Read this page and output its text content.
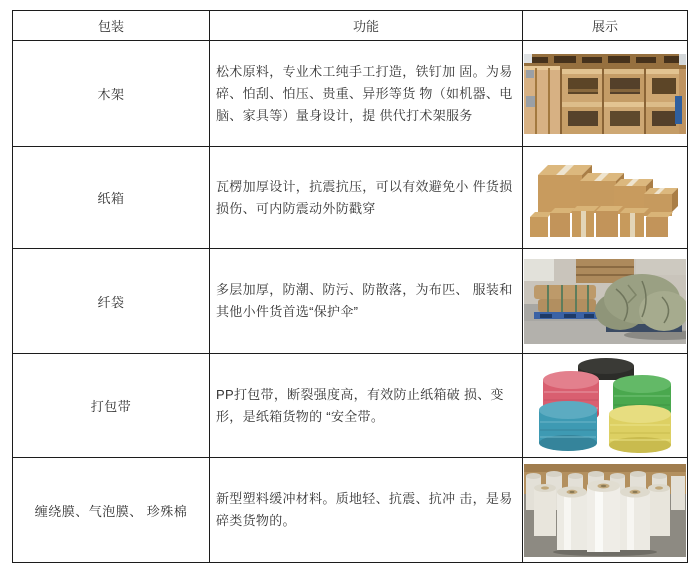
包装	功能	展示
木架	松术原料，专业术工纯手工打造，铁钉加 固。为易碎、怕刮、怕压、贵重、异形等货 物（如机器、电脑、家具等）量身设计，提 供代打术架服务	

纸箱	瓦楞加厚设计，抗震抗压，可以有效避免小 件货损损伤、可内防震动外防戳穿	

纤袋	多层加厚，防潮、防污、防散落，为布匹、 服装和其他小件货首选“保护伞”	

打包带	PP打包带，断裂强度高，有效防止纸箱破 损、变形，是纸箱货物的 “安全带。	

缠绕膜、气泡膜、 珍殊棉	新型塑料缓冲材料。质地轻、抗震、抗冲 击，是易碎类货物的。	
